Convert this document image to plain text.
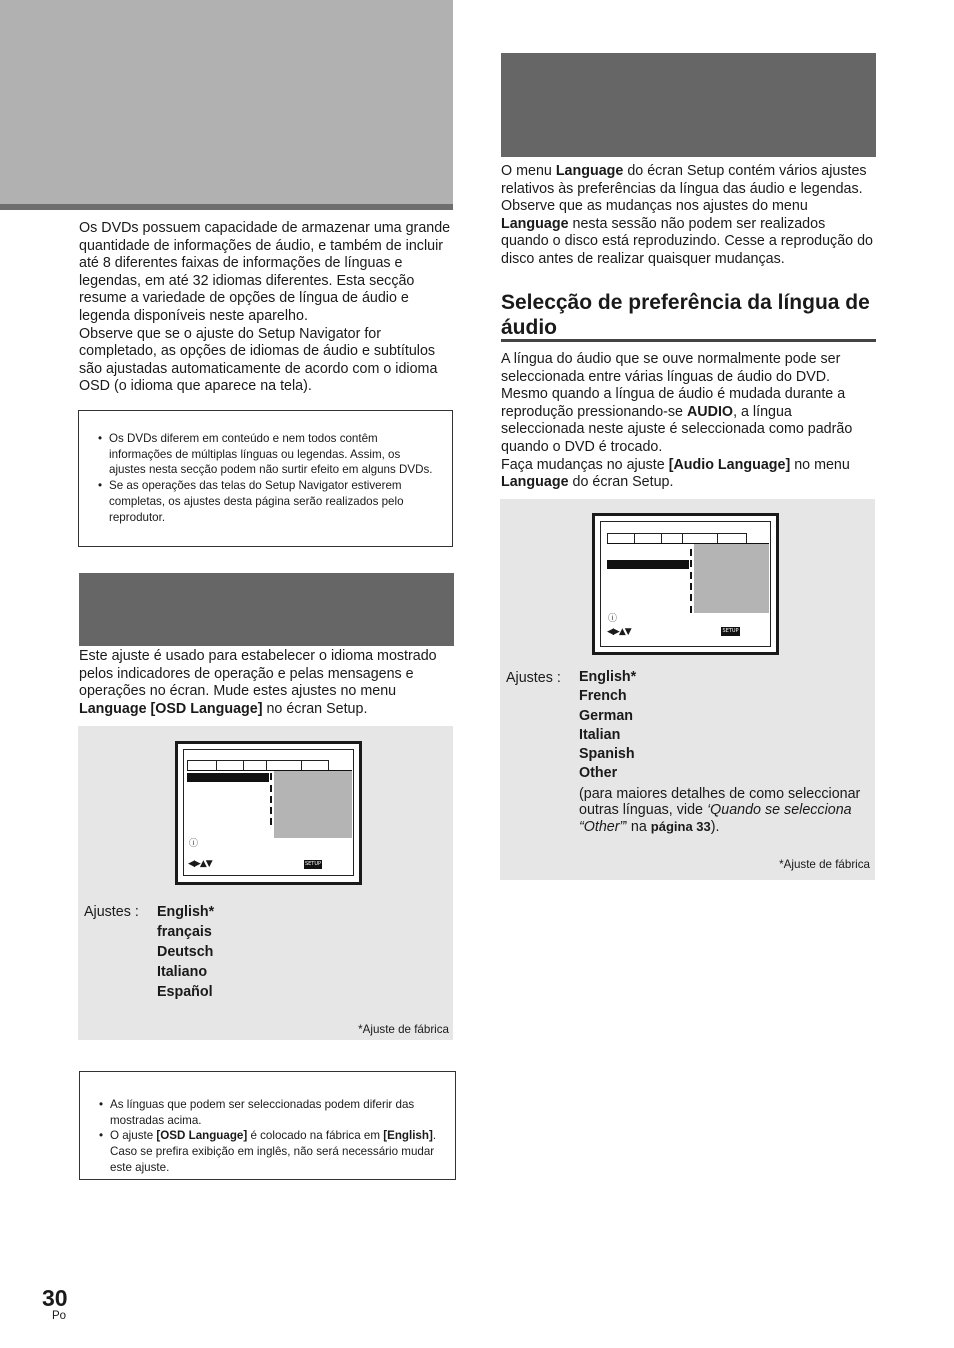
Os DVDs possuem capacidade de armazenar uma grande quantidade de informações de áudio, e também de incluir até 8 diferentes faixas de informações de línguas e legendas, em até 32 idiomas diferentes. Esta secção resume a variedade de opções de língua de áudio e legenda disponíveis neste aparelho.
Observe que se o ajuste do Setup Navigator for completado, as opções de idiomas de áudio e subtítulos são ajustadas automaticamente de acordo com o idioma OSD (o idioma que aparece na tela).
• Os DVDs diferem em conteúdo e nem todos contêm informações de múltiplas línguas ou legendas. Assim, os ajustes nesta secção podem não surtir efeito em alguns DVDs.
• Se as operações das telas do Setup Navigator estiverem completas, os ajustes desta página serão realizados pelo reprodutor.
Este ajuste é usado para estabelecer o idioma mostrado pelos indicadores de operação e pelas mensagens e operações no écran. Mude estes ajustes no menu Language [OSD Language] no écran Setup.
ⓘ
◀▶▲▼	SETUP
Ajustes : English*
français
Deutsch
Italiano
Español
*Ajuste de fábrica
• As línguas que podem ser seleccionadas podem diferir das mostradas acima.
• O ajuste [OSD Language] é colocado na fábrica em [English]. Caso se prefira exibição em inglês, não será necessário mudar este ajuste.
O menu Language do écran Setup contém vários ajustes relativos às preferências da língua das áudio e legendas.
Observe que as mudanças nos ajustes do menu Language nesta sessão não podem ser realizados quando o disco está reproduzindo. Cesse a reprodução do disco antes de realizar quaisquer mudanças.
Selecção de preferência da língua de áudio
A língua do áudio que se ouve normalmente pode ser seleccionada entre várias línguas de áudio do DVD. Mesmo quando a língua de áudio é mudada durante a reprodução pressionando-se AUDIO, a língua seleccionada neste ajuste é seleccionada como padrão quando o DVD é trocado.
Faça mudanças no ajuste [Audio Language] no menu Language do écran Setup.
ⓘ
◀▶▲▼	SETUP
Ajustes : English*
French
German
Italian
Spanish
Other
(para maiores detalhes de como seleccionar outras línguas, vide ‘Quando se selecciona “Other”’ na página 33).
*Ajuste de fábrica
30
Po
